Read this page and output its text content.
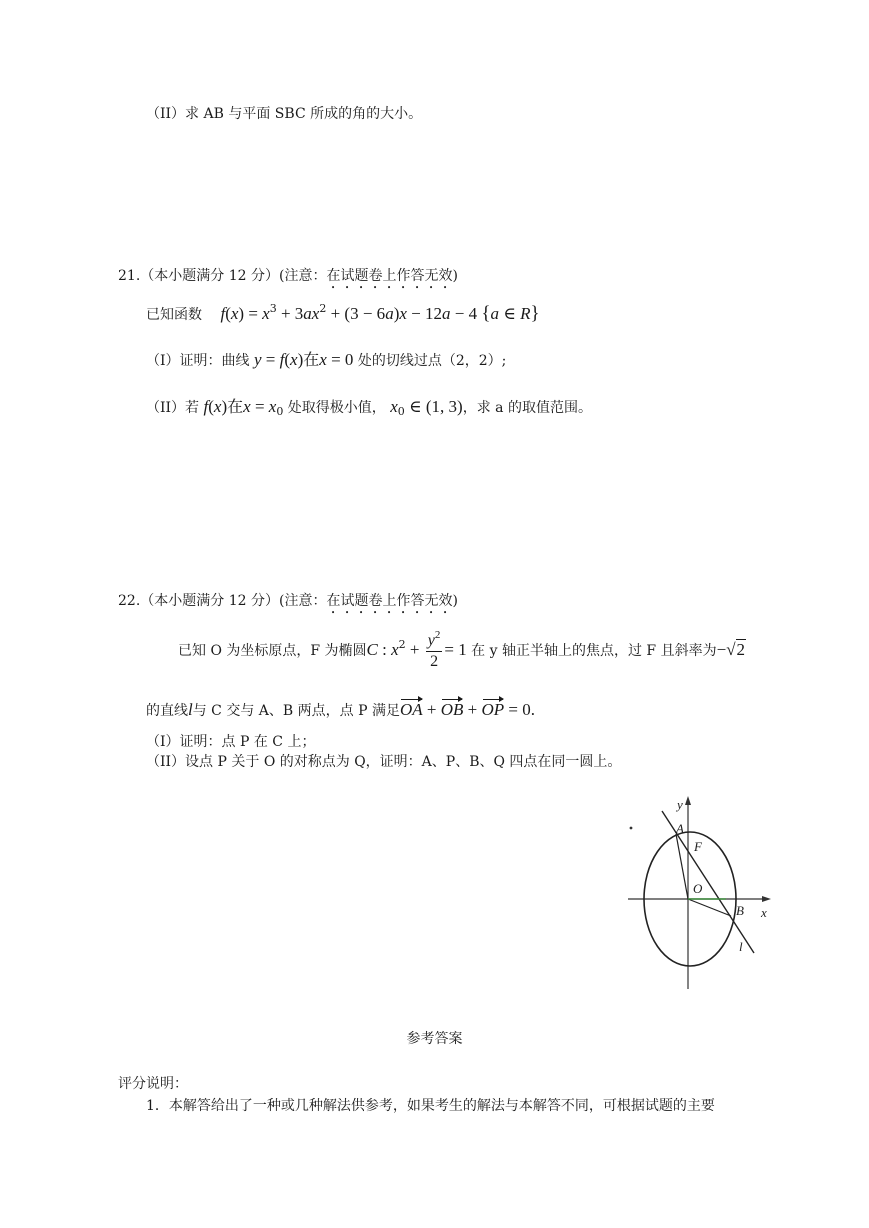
（II）求 AB 与平面 SBC 所成的角的大小。
21.（本小题满分 12 分）(注意：在试题卷上作答无效)
已知函数 $f(x) = x^3 + 3ax^2 + (3 - 6a)x - 12a - 4$ {a ∈ R}
（I）证明：曲线 y = f(x)在x = 0 处的切线过点（2，2）;
（II）若 f(x)在$x = x_0$ 处取得极小值， $x_0$ ∈ (1, 3)，求 a 的取值范围。
22.（本小题满分 12 分）(注意：在试题卷上作答无效)
已知 O 为坐标原点，F 为椭圆C : $x^2 + \frac{y^2}{2} = 1$ 在 y 轴正半轴上的焦点，过 F 且斜率为−√2
的直线l与 C 交与 A、B 两点，点 P 满足OA + OB + OP = 0.
（Ⅰ）证明：点 P 在 C 上；
（II）设点 P 关于 O 的对称点为 Q，证明：A、P、B、Q 四点在同一圆上。
y
x
A
F
O
B
l
参考答案
评分说明：
1．本解答给出了一种或几种解法供参考，如果考生的解法与本解答不同，可根据试题的主要
